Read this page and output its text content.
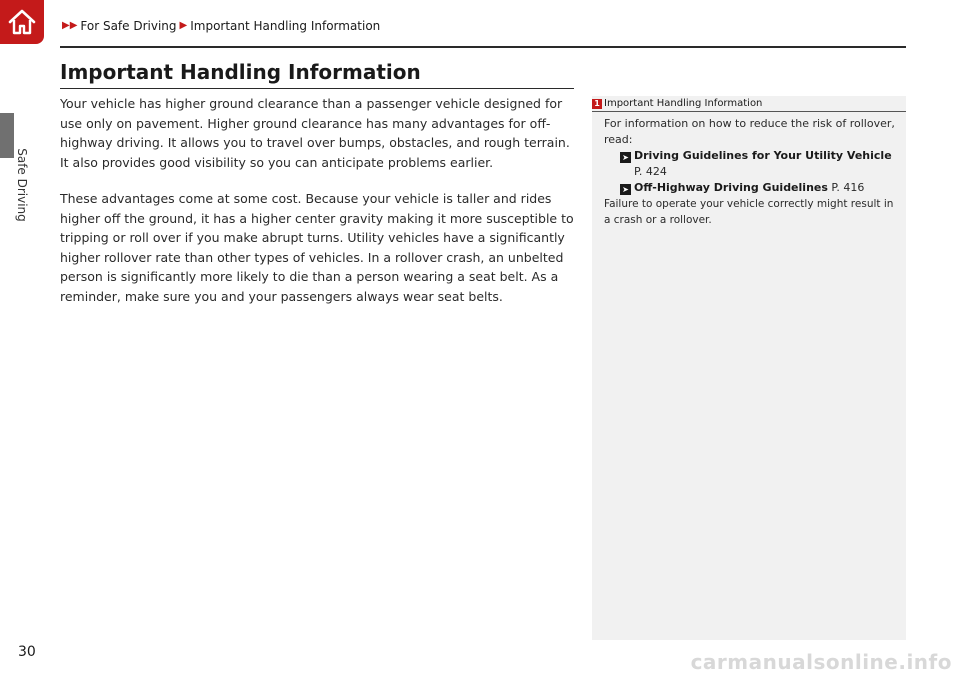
Safe Driving
▶▶ For Safe Driving ▶ Important Handling Information
Important Handling Information

Your vehicle has higher ground clearance than a passenger vehicle designed for use only on pavement. Higher ground clearance has many advantages for off-highway driving. It allows you to travel over bumps, obstacles, and rough terrain. It also provides good visibility so you can anticipate problems earlier.

These advantages come at some cost. Because your vehicle is taller and rides higher off the ground, it has a higher center gravity making it more susceptible to tripping or roll over if you make abrupt turns. Utility vehicles have a significantly higher rollover rate than other types of vehicles. In a rollover crash, an unbelted person is significantly more likely to die than a person wearing a seat belt. As a reminder, make sure you and your passengers always wear seat belts.

1 Important Handling Information
For information on how to reduce the risk of rollover, read:
➤ Driving Guidelines for Your Utility Vehicle P. 424
➤ Off-Highway Driving Guidelines P. 416
Failure to operate your vehicle correctly might result in a crash or a rollover.
30	carmanualsonline.info
